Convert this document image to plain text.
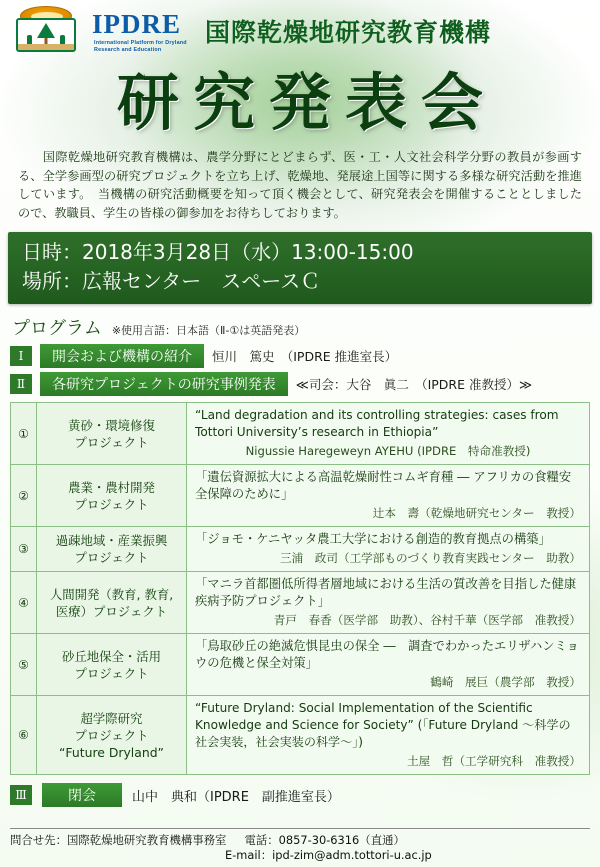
IPDRE
International Platform for Dryland Research and Education
国際乾燥地研究教育機構
研究発表会

　国際乾燥地研究教育機構は、農学分野にとどまらず、医・工・人文社会科学分野の教員が参画する、全学参画型の研究プロジェクトを立ち上げ、乾燥地、発展途上国等に関する多様な研究活動を推進しています。　当機構の研究活動概要を知って頂く機会として、研究発表会を開催することとしましたので、教職員、学生の皆様の御参加をお待ちしております。

日時：2018年3月28日（水）13:00-15:00
場所：広報センター　スペースＣ
プログラム ※使用言語：日本語（Ⅱ-①は英語発表）
Ⅰ	開会および機構の紹介	恒川　篤史　（IPDRE 推進室長）
Ⅱ	各研究プロジェクトの研究事例発表	≪司会：大谷　眞二　（IPDRE 准教授）≫
①	黄砂・環境修復
プロジェクト	
“Land degradation and its controlling strategies: cases from Tottori University’s research in Ethiopia”
Nigussie Haregeweyn AYEHU (IPDRE　特命准教授)

②	農業・農村開発
プロジェクト	
「遺伝資源拡大による高温乾燥耐性コムギ育種 ― アフリカの食糧安全保障のために」
辻本　壽（乾燥地研究センター　教授）

③	過疎地域・産業振興
プロジェクト	
「ジョモ・ケニヤッタ農工大学における創造的教育拠点の構築」
三浦　政司（工学部ものづくり教育実践センター　助教）

④	人間開発（教育, 教育,
医療）プロジェクト	
「マニラ首都圏低所得者層地域における生活の質改善を目指した健康疾病予防プロジェクト」
青戸　春香（医学部　助教）、谷村千華（医学部　准教授）

⑤	砂丘地保全・活用
プロジェクト	
「鳥取砂丘の絶滅危惧昆虫の保全 ―　調査でわかったエリザハンミョウの危機と保全対策」
鶴崎　展巨（農学部　教授）

⑥	超学際研究
プロジェクト
“Future Dryland”	
“Future Dryland: Social Implementation of the Scientific Knowledge and Science for Society” (「Future Dryland ～科学の社会実装，社会実装の科学～」)
土屋　哲（工学研究科　准教授）
Ⅲ	閉会	山中　典和（IPDRE　副推進室長）
問合せ先：国際乾燥地研究教育機構事務室 電話：0857-30-6316（直通）
E-mail：ipd-zim@adm.tottori-u.ac.jp
